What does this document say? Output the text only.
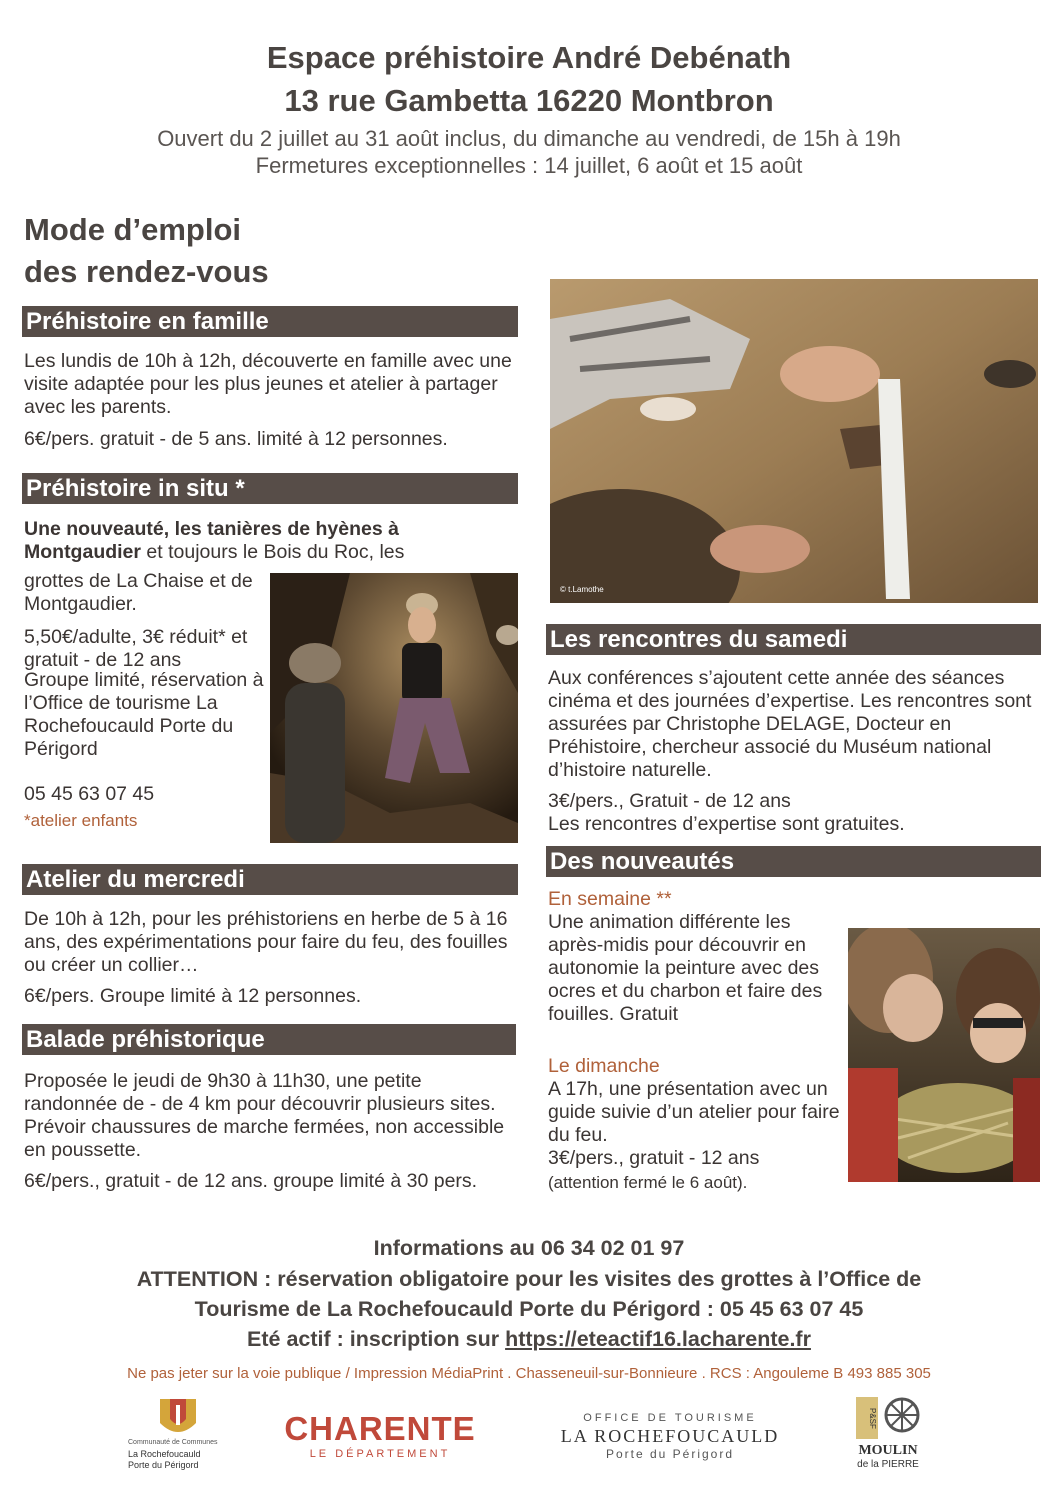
Espace préhistoire André Debénath
13 rue Gambetta 16220 Montbron
Ouvert du 2 juillet au 31 août inclus, du dimanche au vendredi, de 15h à 19h
Fermetures exceptionnelles : 14 juillet, 6 août et 15 août
Mode d’emploi
des rendez-vous
Préhistoire en famille
Les lundis de 10h à 12h, découverte en famille avec une visite adaptée pour les plus jeunes et atelier à partager avec les parents.
6€/pers. gratuit - de 5 ans. limité à 12 personnes.
Préhistoire in situ *
Une nouveauté, les tanières de hyènes à Montgaudier et toujours le Bois du Roc, les
grottes de La Chaise et de Montgaudier.
5,50€/adulte, 3€ réduit* et gratuit - de 12 ans
Groupe limité, réservation à l’Office de tourisme La Rochefoucauld Porte du Périgord
05 45 63 07 45
*atelier enfants
Atelier du mercredi
De 10h à 12h, pour les préhistoriens en herbe de 5 à 16 ans, des expérimentations pour faire du feu, des fouilles ou créer un collier…
6€/pers. Groupe limité à 12 personnes.
Balade préhistorique
Proposée le jeudi de 9h30 à 11h30, une petite randonnée de - de 4 km pour découvrir plusieurs sites. Prévoir chaussures de marche fermées, non accessible en poussette.
6€/pers., gratuit - de 12 ans. groupe limité à 30 pers.
© t.Lamothe
Les rencontres du samedi
Aux conférences s’ajoutent cette année des séances cinéma et des journées d’expertise. Les rencontres sont assurées par Christophe DELAGE, Docteur en Préhistoire, chercheur associé du Muséum national d’histoire naturelle.
3€/pers., Gratuit - de 12 ans
Les rencontres d’expertise sont gratuites.
Des nouveautés
En semaine **
Une animation différente les après-midis pour découvrir en autonomie la peinture avec des ocres et du charbon et faire des fouilles. Gratuit
Le dimanche
A 17h, une présentation avec un guide suivie d’un atelier pour faire du feu.
3€/pers., gratuit - 12 ans
(attention fermé le 6 août).
Informations au 06 34 02 01 97
ATTENTION : réservation obligatoire pour les visites des grottes à l’Office de
Tourisme de La Rochefoucauld Porte du Périgord : 05 45 63 07 45
Eté actif : inscription sur https://eteactif16.lacharente.fr
Ne pas jeter sur la voie publique / Impression MédiaPrint . Chasseneuil-sur-Bonnieure . RCS : Angouleme B 493 885 305
Communauté de Communes
La Rochefoucauld
Porte du Périgord
CHARENTE
LE DÉPARTEMENT
OFFICE DE TOURISME
LA ROCHEFOUCAULD
Porte du Périgord
P&SF
MOULIN
de la PIERRE
